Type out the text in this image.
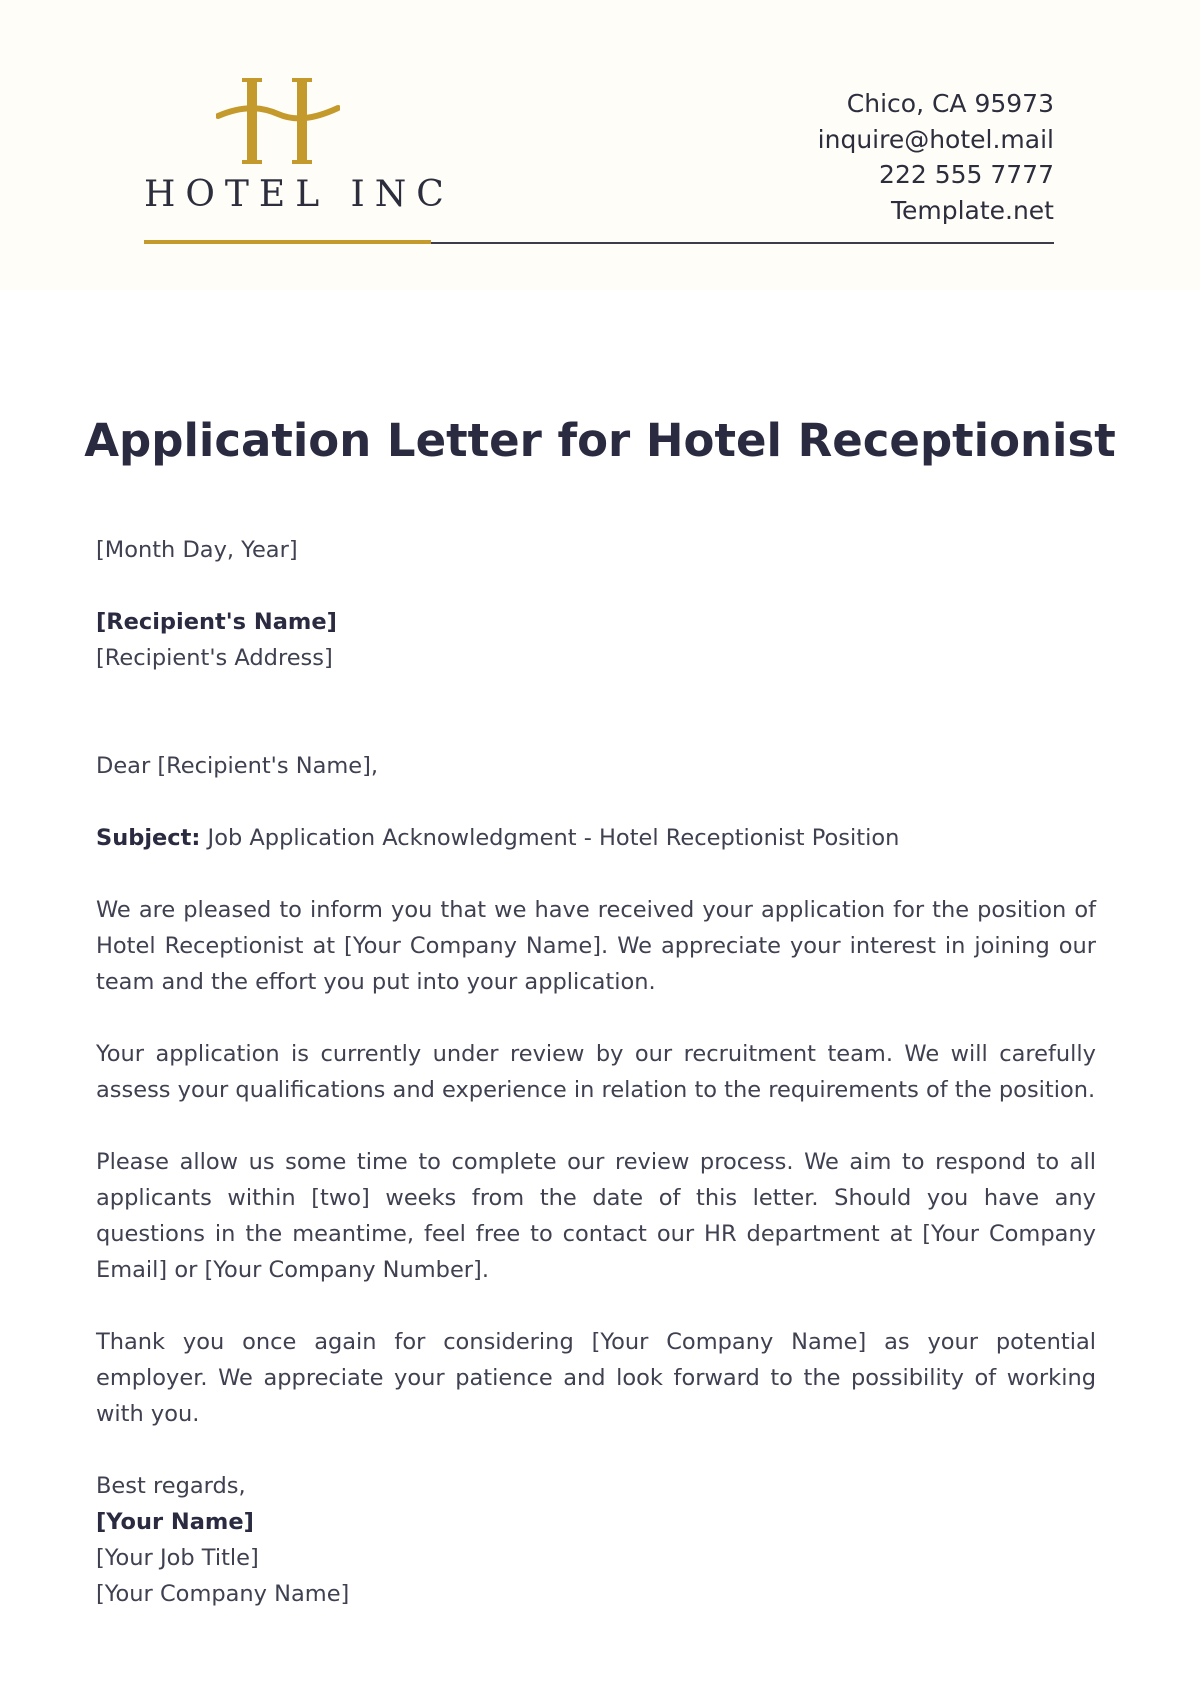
HOTEL INC
Chico, CA 95973
inquire@hotel.mail
222 555 7777
Template.net
Application Letter for Hotel Receptionist
[Month Day, Year]
[Recipient's Name]
[Recipient's Address]
Dear [Recipient's Name],
Subject: Job Application Acknowledgment - Hotel Receptionist Position
We are pleased to inform you that we have received your application for the position of Hotel Receptionist at [Your Company Name]. We appreciate your interest in joining our team and the effort you put into your application.
Your application is currently under review by our recruitment team. We will carefully assess your qualifications and experience in relation to the requirements of the position.
Please allow us some time to complete our review process. We aim to respond to all applicants within [two] weeks from the date of this letter. Should you have any questions in the meantime, feel free to contact our HR department at [Your Company Email] or [Your Company Number].
Thank you once again for considering [Your Company Name] as your potential employer. We appreciate your patience and look forward to the possibility of working with you.
Best regards,
[Your Name]
[Your Job Title]
[Your Company Name]
